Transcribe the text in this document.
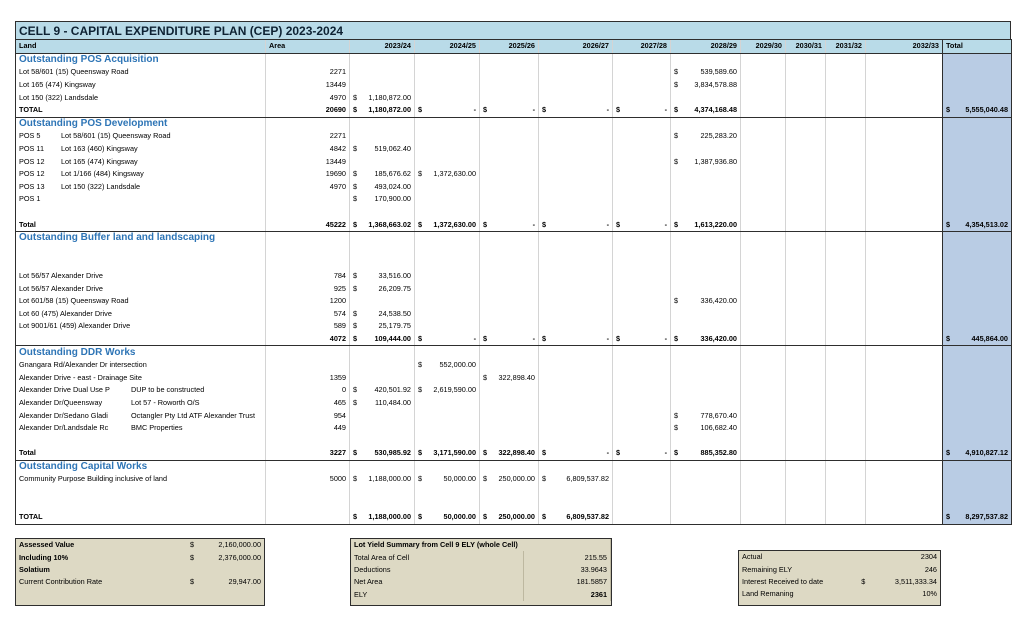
CELL 9 - CAPITAL EXPENDITURE PLAN (CEP) 2023-2024
Land	Area	2023/24	2024/25	2025/26	2026/27	2027/28	2028/29	2029/30	2030/31	2031/32	2032/33	Total
Outstanding POS Acquisition												
Lot 58/601 (15) Queensway Road	2271						$ 539,589.60					

Lot 165 (474) Kingsway	13449						$ 3,834,578.88					

Lot 150 (322) Landsdale	4970	$ 1,180,872.00										

TOTAL	20690	$ 1,180,872.00	$ -	$ -	$ -	$ -	$ 4,374,168.48					$ 5,555,040.48

Outstanding POS Development												
POS 5 Lot 58/601 (15) Queensway Road	2271						$ 225,283.20					

POS 11 Lot 163 (460) Kingsway	4842	$ 519,062.40										

POS 12 Lot 165 (474) Kingsway	13449						$ 1,387,936.80					

POS 12 Lot 1/166 (484) Kingsway	19690	$ 185,676.62	$ 1,372,630.00									

POS 13 Lot 150 (322) Landsdale	4970	$ 493,024.00										

POS 1		$ 170,900.00										

Total	45222	$ 1,368,663.02	$ 1,372,630.00	$ -	$ -	$ -	$ 1,613,220.00					$ 4,354,513.02

Outstanding Buffer land and landscaping												

Lot 56/57 Alexander Drive	784	$ 33,516.00										

Lot 56/57 Alexander Drive	925	$ 26,209.75										

Lot 601/58 (15) Queensway Road	1200						$ 336,420.00					

Lot 60 (475) Alexander Drive	574	$ 24,538.50										

Lot 9001/61 (459) Alexander Drive	589	$ 25,179.75										

	4072	$ 109,444.00	$ -	$ -	$ -	$ -	$ 336,420.00					$ 445,864.00

Outstanding DDR Works												
Gnangara Rd/Alexander Dr intersection			$ 552,000.00									

Alexander Drive - east - Drainage Site	1359			$ 322,898.40								

Alexander Drive Dual Use P DUP to be constructed	0	$ 420,501.92	$ 2,619,590.00									

Alexander Dr/Queensway Lot 57 - Roworth O/S	465	$ 110,484.00										

Alexander Dr/Sedano Gladi Octangler Pty Ltd ATF Alexander Trust	954						$ 778,670.40					

Alexander Dr/Landsdale Rc BMC Properties	449						$ 106,682.40					

Total	3227	$ 530,985.92	$ 3,171,590.00	$ 322,898.40	$ -	$ -	$ 885,352.80					$ 4,910,827.12

Outstanding Capital Works												
Community Purpose Building inclusive of land	5000	$ 1,188,000.00	$ 50,000.00	$ 250,000.00	$ 6,809,537.82							

TOTAL		$ 1,188,000.00	$ 50,000.00	$ 250,000.00	$ 6,809,537.82							$ 8,297,537.82
Assessed Value	$	2,160,000.00
Including 10%	$	2,376,000.00
Solatium		
Current Contribution Rate	$	29,947.00
Lot Yield Summary from Cell 9 ELY (whole Cell)	
Total Area of Cell	215.55
Deductions	33.9643
Net Area	181.5857
ELY	2361
Actual		2304
Remaining ELY		246
Interest Received to date	$	3,511,333.34
Land Remaning		10%
